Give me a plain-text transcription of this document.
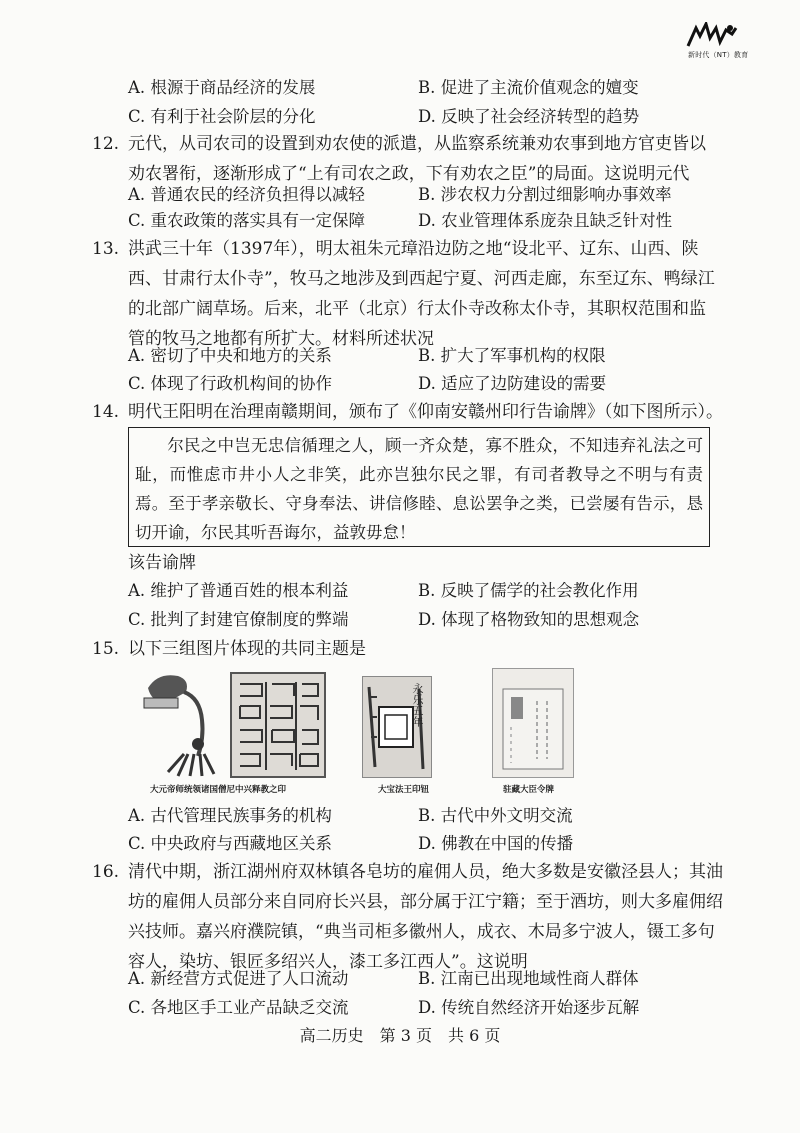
新时代（NT）教育
A. 根源于商品经济的发展	B. 促进了主流价值观念的嬗变
C. 有利于社会阶层的分化	D. 反映了社会经济转型的趋势
12. 元代，从司农司的设置到劝农使的派遣，从监察系统兼劝农事到地方官吏皆以劝农署衔，逐渐形成了“上有司农之政，下有劝农之臣”的局面。这说明元代
A. 普通农民的经济负担得以减轻	B. 涉农权力分割过细影响办事效率
C. 重农政策的落实具有一定保障	D. 农业管理体系庞杂且缺乏针对性
13. 洪武三十年（1397年），明太祖朱元璋沿边防之地“设北平、辽东、山西、陕西、甘肃行太仆寺”，牧马之地涉及到西起宁夏、河西走廊，东至辽东、鸭绿江的北部广阔草场。后来，北平（北京）行太仆寺改称太仆寺，其职权范围和监管的牧马之地都有所扩大。材料所述状况
A. 密切了中央和地方的关系	B. 扩大了军事机构的权限
C. 体现了行政机构间的协作	D. 适应了边防建设的需要
14. 明代王阳明在治理南赣期间，颁布了《仰南安赣州印行告谕牌》（如下图所示）。
尔民之中岂无忠信循理之人，顾一齐众楚，寡不胜众，不知违弃礼法之可耻，而惟虑市井小人之非笑，此亦岂独尔民之罪，有司者教导之不明与有责焉。至于孝亲敬长、守身奉法、讲信修睦、息讼罢争之类，已尝屡有告示，恳切开谕，尔民其听吾诲尔，益敦毋怠！
该告谕牌
A. 维护了普通百姓的根本利益	B. 反映了儒学的社会教化作用
C. 批判了封建官僚制度的弊端	D. 体现了格物致知的思想观念
15. 以下三组图片体现的共同主题是
大元帝师统领诸国僧尼中兴释教之印
永乐五年
大宝法王印钮	驻藏大臣令牌
A. 古代管理民族事务的机构	B. 古代中外文明交流
C. 中央政府与西藏地区关系	D. 佛教在中国的传播
16. 清代中期，浙江湖州府双林镇各皂坊的雇佣人员，绝大多数是安徽泾县人；其油坊的雇佣人员部分来自同府长兴县，部分属于江宁籍；至于酒坊，则大多雇佣绍兴技师。嘉兴府濮院镇，“典当司柜多徽州人，成衣、木局多宁波人，镊工多句容人，染坊、银匠多绍兴人，漆工多江西人”。这说明
A. 新经营方式促进了人口流动	B. 江南已出现地域性商人群体
C. 各地区手工业产品缺乏交流	D. 传统自然经济开始逐步瓦解
高二历史　第 3 页　共 6 页
